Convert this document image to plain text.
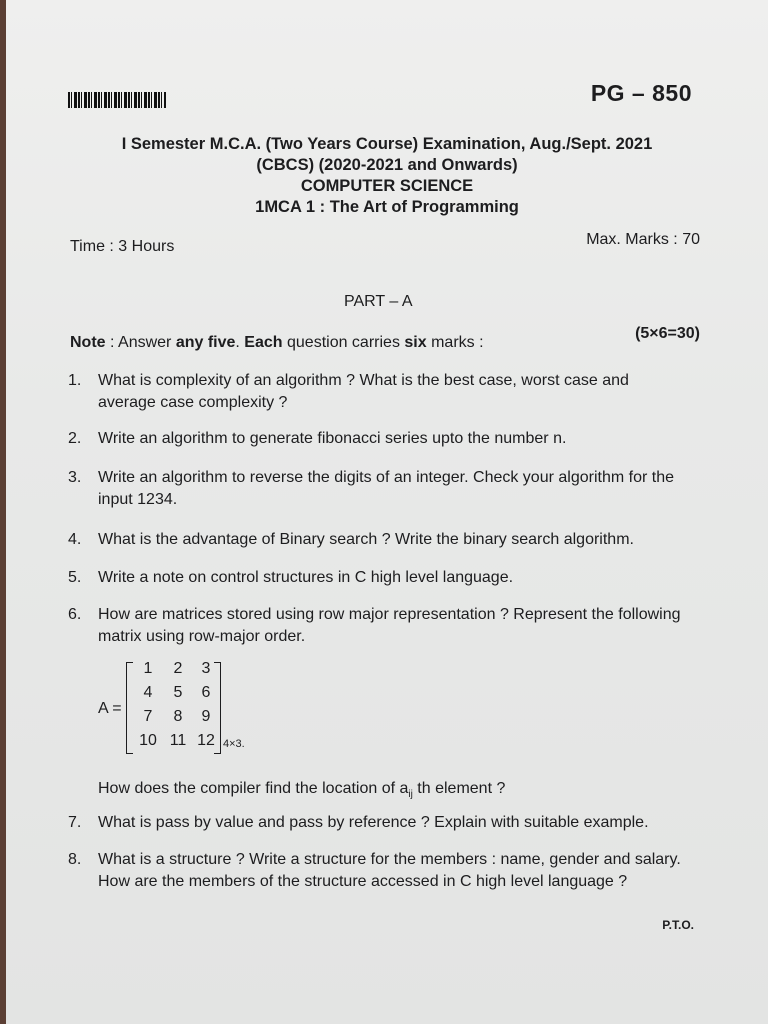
PG – 850
I Semester M.C.A. (Two Years Course) Examination, Aug./Sept. 2021
(CBCS) (2020-2021 and Onwards)
COMPUTER SCIENCE
1MCA 1 : The Art of Programming
Time : 3 Hours	Max. Marks : 70
PART – A
Note : Answer any five. Each question carries six marks :
(5×6=30)
1.	What is complexity of an algorithm ? What is the best case, worst case and average case complexity ?
2.	Write an algorithm to generate fibonacci series upto the number n.
3.	Write an algorithm to reverse the digits of an integer. Check your algorithm for the input 1234.
4.	What is the advantage of Binary search ? Write the binary search algorithm.
5.	Write a note on control structures in C high level language.
6.	How are matrices stored using row major representation ? Represent the following matrix using row-major order.
A =
1	2	3
4	5	6
7	8	9
10 11 12 4×3.
How does the compiler find the location of $a_{ij}$ th element ?
7.	What is pass by value and pass by reference ? Explain with suitable example.
8.	What is a structure ? Write a structure for the members : name, gender and salary. How are the members of the structure accessed in C high level language ?
P.T.O.
